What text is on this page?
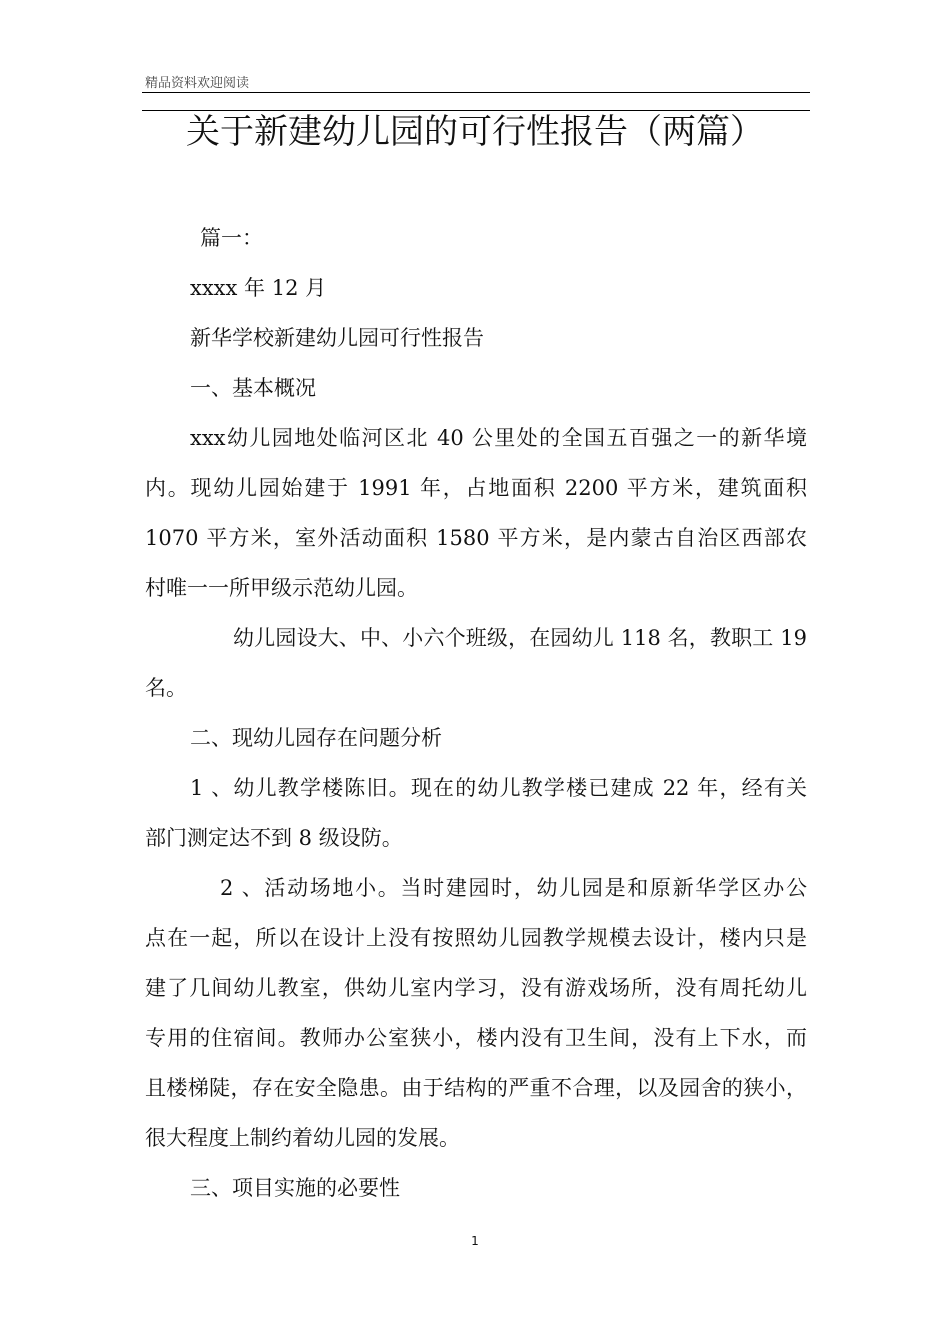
精品资料欢迎阅读
关于新建幼儿园的可行性报告（两篇）
篇一：
xxxx 年 12 月
新华学校新建幼儿园可行性报告
一、基本概况
xxx幼儿园地处临河区北 40 公里处的全国五百强之一的新华境
内。现幼儿园始建于 1991 年，占地面积 2200 平方米，建筑面积
1070 平方米，室外活动面积 1580 平方米，是内蒙古自治区西部农
村唯一一所甲级示范幼儿园。
幼儿园设大、中、小六个班级，在园幼儿 118 名，教职工 19
名。
二、现幼儿园存在问题分析
1 、幼儿教学楼陈旧。现在的幼儿教学楼已建成 22 年，经有关
部门测定达不到 8 级设防。
2 、活动场地小。当时建园时，幼儿园是和原新华学区办公
点在一起，所以在设计上没有按照幼儿园教学规模去设计，楼内只是
建了几间幼儿教室，供幼儿室内学习，没有游戏场所，没有周托幼儿
专用的住宿间。教师办公室狭小，楼内没有卫生间，没有上下水，而
且楼梯陡，存在安全隐患。由于结构的严重不合理，以及园舍的狭小，
很大程度上制约着幼儿园的发展。
三、项目实施的必要性
1
